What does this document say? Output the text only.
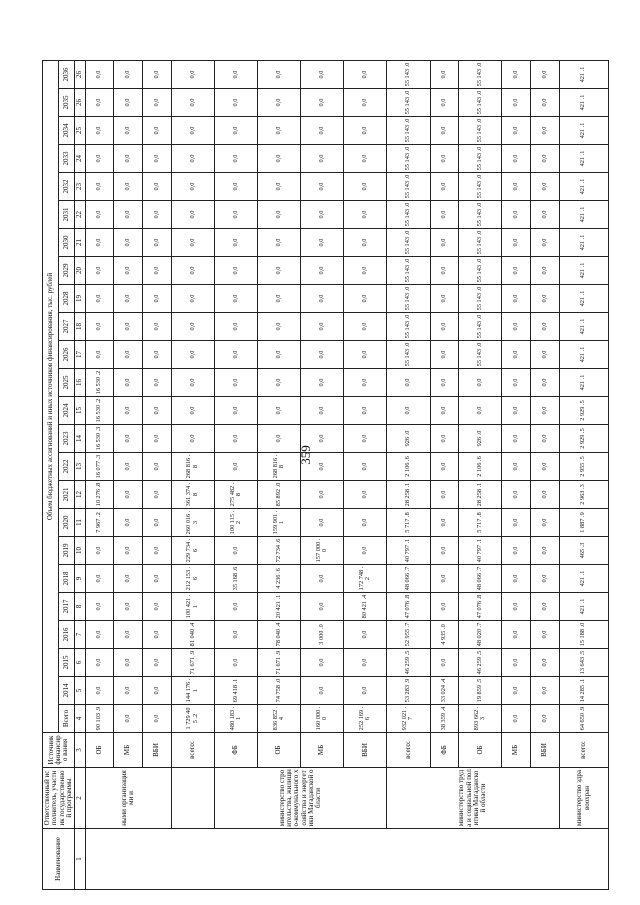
359
Наименование	Ответственный исполнитель, участник государственной программы	Источник финансиро вания	Объем бюджетных ассигнований и иных источников финансирования, тыс. рублей																							
			Всего	2014	2015	2016	2017	2018	2019	2020	2021	2022	2023	2024	2025	2026	2027	2028	2029	2030	2031	2032	2033	2034	2035	2036
1	2	3	4	5	6	7	8	9	10	11	12	13	14	15	16	17	18	19	20	21	22	23	24	25	26	26
	ными организациями и	ОБ	90 103 .9	0,0	0,0	0,0	0,0	0,0	0,0	7 967 .2	10 276 .8	16 077 .3	16 530 .3	16 530 .2	16 530 .2	0,0	0,0	0,0	0,0	0,0	0,0	0,0	0,0	0,0	0,0	0,0
		МБ	0,0	0,0	0,0	0,0	0,0	0,0	0,0	0,0	0,0	0,0	0,0	0,0	0,0	0,0	0,0	0,0	0,0	0,0	0,0	0,0	0,0	0,0	0,0	0,0
		ВБИ	0,0	0,0	0,0	0,0	0,0	0,0	0,0	0,0	0,0	0,0	0,0	0,0	0,0	0,0	0,0	0,0	0,0	0,0	0,0	0,0	0,0	0,0	0,0	0,0
		всего:	1 729 405 .2	144 176 .1	71 671 .9	81 040 .4	100 421 .1	212 153 .6	229 734 .6	260 016 .3	361 374 .8	268 816 .8	0,0	0,0	0,0	0,0	0,0	0,0	0,0	0,0	0,0	0,0	0,0	0,0	0,0	0,0
	министерство строительства, жилищно-коммунального хозяйства и энергетики Магаданской области	ФБ	480 183 .1	69 418 .1	0,0	0,0	0,0	35 168 .6	0,0	100 115 .2	275 482 .8	0,0	0,0	0,0	0,0	0,0	0,0	0,0	0,0	0,0	0,0	0,0	0,0	0,0	0,0	0,0
		ОБ	836 852 .4	74 758 .0	71 671 .9	78 040 .4	20 421 .1	4 236 .6	72 734 .6	159 901 .1	85 892 .0	268 816 .8	0,0	0,0	0,0	0,0	0,0	0,0	0,0	0,0	0,0	0,0	0,0	0,0	0,0	0,0
		МБ	160 000 .0	0,0	0,0	3 000 .0	0,0	0,0	157 000 .0	0,0	0,0	0,0	0,0	0,0	0,0	0,0	0,0	0,0	0,0	0,0	0,0	0,0	0,0	0,0	0,0	0,0
		ВБИ	252 169 .6	0,0	0,0	0,0	80 421 .4	172 748 .2	0,0	0,0	0,0	0,0	0,0	0,0	0,0	0,0	0,0	0,0	0,0	0,0	0,0	0,0	0,0	0,0	0,0	0,0
	министерство труда и социальной политики Магаданской области	всего:	932 021 .7	53 283 .9	46 259 .5	52 955 .7	47 076 .8	48 066 .7	40 797 .1	5 717 .8	28 258 .1	2 106 .6	926 .0	0,0	0,0	55 143 .0	55 143 .0	55 143 .0	55 143 .0	55 143 .0	55 143 .0	55 143 .0	55 143 .0	55 143 .0	55 143 .0	55 143 .0
		ФБ	38 359 .4	33 024 .4	0,0	4 935 .0	0,0	0,0	0,0	0,0	0,0	0,0	0,0	0,0	0,0	0,0	0,0	0,0	0,0	0,0	0,0	0,0	0,0	0,0	0,0	0,0
		ОБ	893 662 .3	19 859 .5	46 259 .5	48 020 .7	47 076 .8	48 066 .7	40 797 .1	5 717 .8	28 258 .1	2 106 .6	926 .0	0,0	0,0	55 143 .0	55 143 .0	55 143 .0	55 143 .0	55 143 .0	55 143 .0	55 143 .0	55 143 .0	55 143 .0	55 143 .0	55 143 .0
		МБ	0,0	0,0	0,0	0,0	0,0	0,0	0,0	0,0	0,0	0,0	0,0	0,0	0,0	0,0	0,0	0,0	0,0	0,0	0,0	0,0	0,0	0,0	0,0	0,0
		ВБИ	0,0	0,0	0,0	0,0	0,0	0,0	0,0	0,0	0,0	0,0	0,0	0,0	0,0	0,0	0,0	0,0	0,0	0,0	0,0	0,0	0,0	0,0	0,0	0,0
	министерство здравоохран	всего:	64 650 .9	14 285 .1	13 643 .5	15 188 .0	421 .1	421 .1	465 .3	1 887 .9	2 963 .3	2 955 .5	2 929 .5	2 929 .5	421 .1	421 .1	421 .1	421 .1	421 .1	421 .1	421 .1	421 .1	421 .1	421 .1	421 .1	421 .1
